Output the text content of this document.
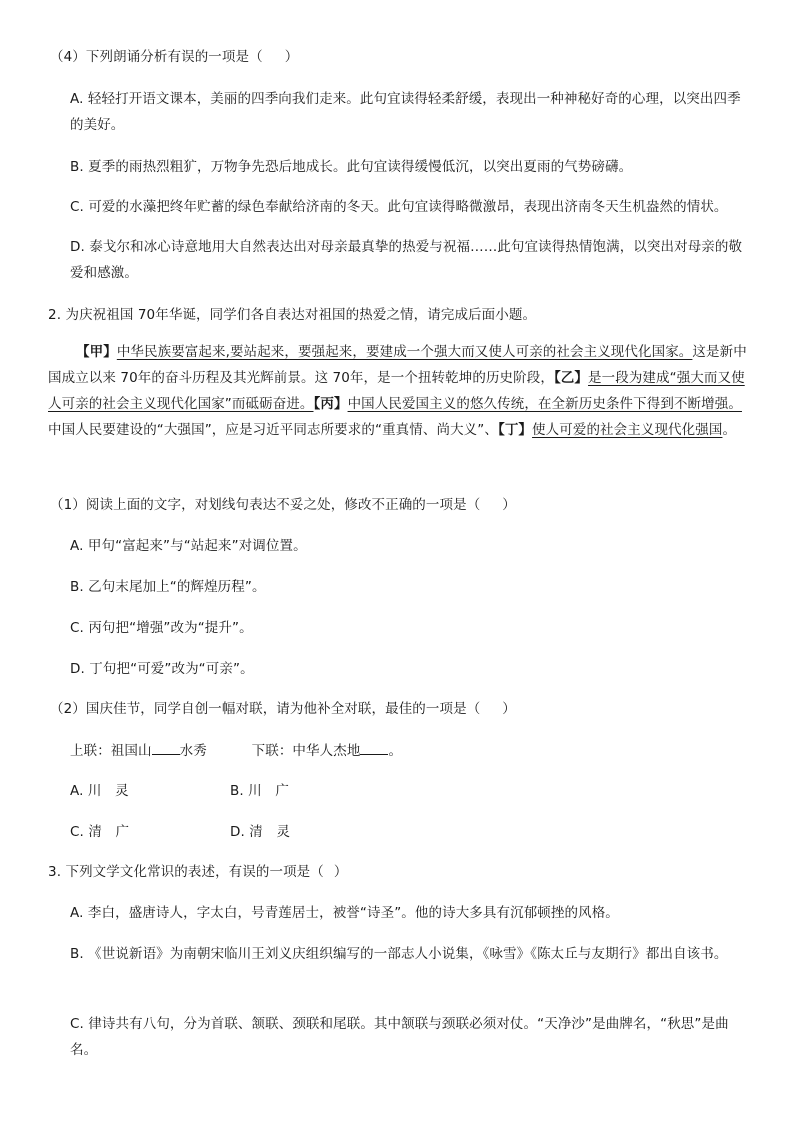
（4）下列朗诵分析有误的一项是（ ）
A. 轻轻打开语文课本，美丽的四季向我们走来。此句宜读得轻柔舒缓，表现出一种神秘好奇的心理，以突出四季的美好。
B. 夏季的雨热烈粗犷，万物争先恐后地成长。此句宜读得缓慢低沉，以突出夏雨的气势磅礴。
C. 可爱的水藻把终年贮蓄的绿色奉献给济南的冬天。此句宜读得略微激昂，表现出济南冬天生机盎然的情状。
D. 泰戈尔和冰心诗意地用大自然表达出对母亲最真挚的热爱与祝福……此句宜读得热情饱满，以突出对母亲的敬爱和感激。
2. 为庆祝祖国 70年华诞，同学们各自表达对祖国的热爱之情，请完成后面小题。
【甲】中华民族要富起来,要站起来，要强起来，要建成一个强大而又使人可亲的社会主义现代化国家。这是新中国成立以来 70年的奋斗历程及其光辉前景。这 70年，是一个扭转乾坤的历史阶段，【乙】是一段为建成“强大而又使人可亲的社会主义现代化国家”而砥砺奋进。【丙】中国人民爱国主义的悠久传统，在全新历史条件下得到不断增强。中国人民要建设的“大强国”，应是习近平同志所要求的“重真情、尚大义”、【丁】使人可爱的社会主义现代化强国。
（1）阅读上面的文字，对划线句表达不妥之处，修改不正确的一项是（ ）
A. 甲句“富起来”与“站起来”对调位置。
B. 乙句末尾加上“的辉煌历程”。
C. 丙句把“增强”改为“提升”。
D. 丁句把“可爱”改为“可亲”。
（2）国庆佳节，同学自创一幅对联，请为他补全对联，最佳的一项是（ ）
上联：祖国山 水秀	下联：中华人杰地 。
A. 川　灵	B. 川　广
C. 清　广	D. 清　灵
3. 下列文学文化常识的表述，有误的一项是（ ）
A. 李白，盛唐诗人，字太白，号青莲居士，被誉“诗圣”。他的诗大多具有沉郁顿挫的风格。
B. 《世说新语》为南朝宋临川王刘义庆组织编写的一部志人小说集，《咏雪》《陈太丘与友期行》都出自该书。
C. 律诗共有八句，分为首联、颔联、颈联和尾联。其中颔联与颈联必须对仗。“天净沙”是曲牌名，“秋思”是曲名。
